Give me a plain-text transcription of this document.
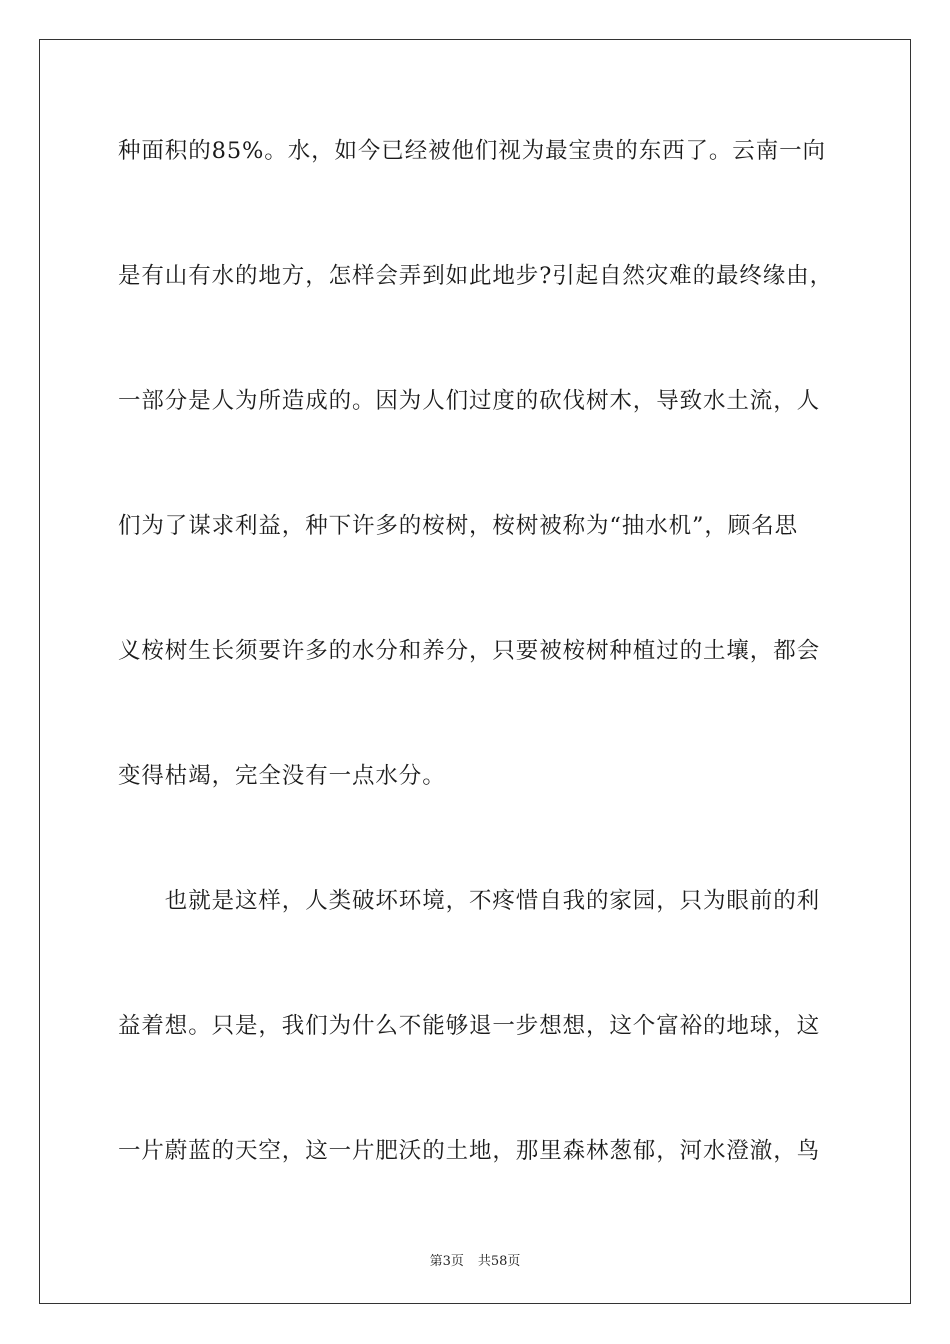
种面积的85%。水，如今已经被他们视为最宝贵的东西了。云南一向
是有山有水的地方，怎样会弄到如此地步?引起自然灾难的最终缘由，
一部分是人为所造成的。因为人们过度的砍伐树木，导致水土流，人
们为了谋求利益，种下许多的桉树，桉树被称为“抽水机”，顾名思
义桉树生长须要许多的水分和养分，只要被桉树种植过的土壤，都会
变得枯竭，完全没有一点水分。
　　也就是这样，人类破坏环境，不疼惜自我的家园，只为眼前的利
益着想。只是，我们为什么不能够退一步想想，这个富裕的地球，这
一片蔚蓝的天空，这一片肥沃的土地，那里森林葱郁，河水澄澈，鸟
第3页 共58页
